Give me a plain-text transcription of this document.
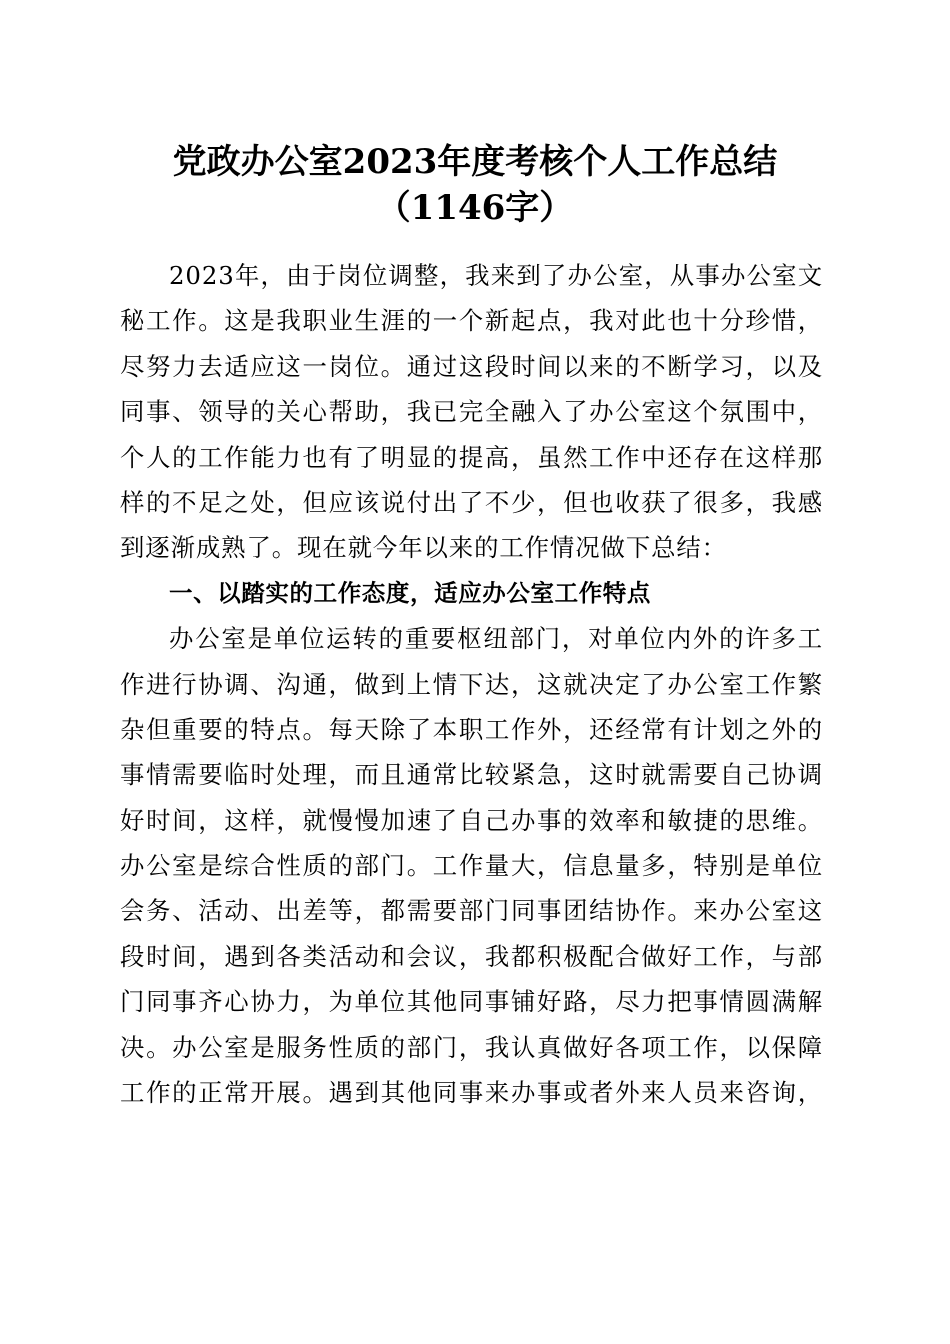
党政办公室2023年度考核个人工作总结
（1146字）
2023年，由于岗位调整，我来到了办公室，从事办公室文
秘工作。这是我职业生涯的一个新起点，我对此也十分珍惜，
尽努力去适应这一岗位。通过这段时间以来的不断学习，以及
同事、领导的关心帮助，我已完全融入了办公室这个氛围中，
个人的工作能力也有了明显的提高，虽然工作中还存在这样那
样的不足之处，但应该说付出了不少，但也收获了很多，我感
到逐渐成熟了。现在就今年以来的工作情况做下总结：
一、以踏实的工作态度，适应办公室工作特点
办公室是单位运转的重要枢纽部门，对单位内外的许多工
作进行协调、沟通，做到上情下达，这就决定了办公室工作繁
杂但重要的特点。每天除了本职工作外，还经常有计划之外的
事情需要临时处理，而且通常比较紧急，这时就需要自己协调
好时间，这样，就慢慢加速了自己办事的效率和敏捷的思维。
办公室是综合性质的部门。工作量大，信息量多，特别是单位
会务、活动、出差等，都需要部门同事团结协作。来办公室这
段时间，遇到各类活动和会议，我都积极配合做好工作，与部
门同事齐心协力，为单位其他同事铺好路，尽力把事情圆满解
决。办公室是服务性质的部门，我认真做好各项工作，以保障
工作的正常开展。遇到其他同事来办事或者外来人员来咨询，
